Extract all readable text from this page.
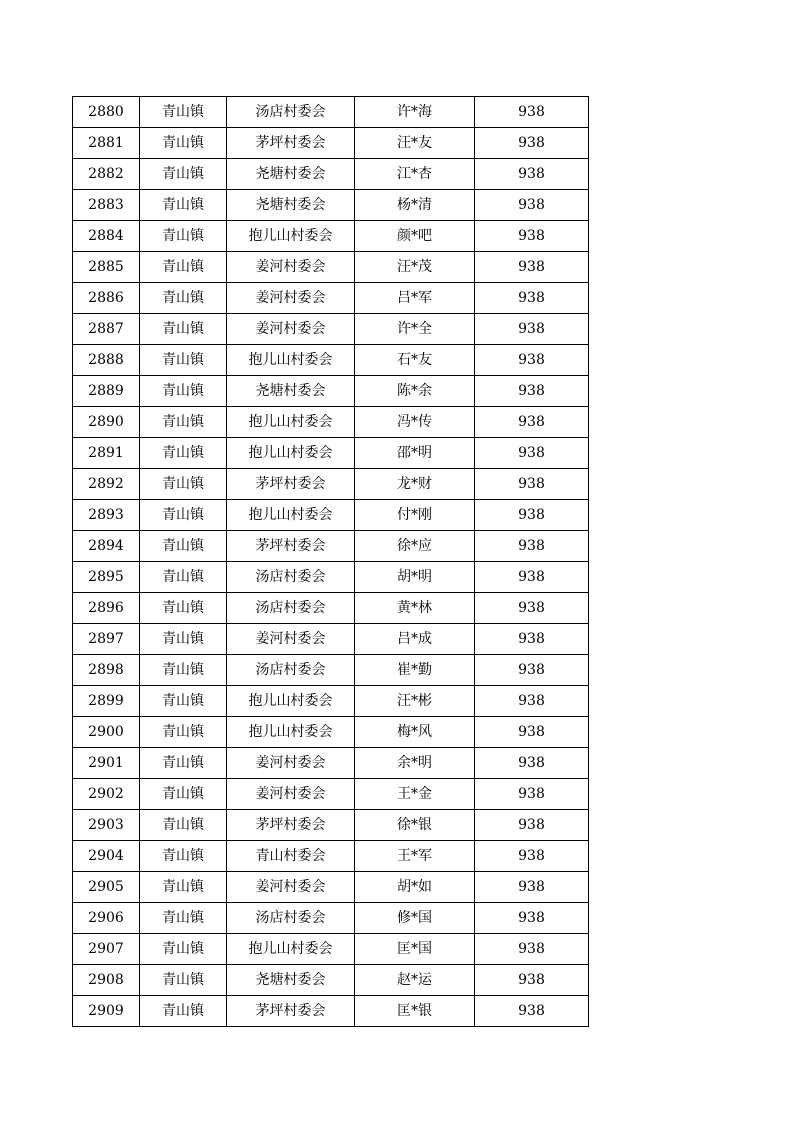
2880	青山镇	汤店村委会	许*海	938
2881	青山镇	茅坪村委会	汪*友	938
2882	青山镇	尧塘村委会	江*杏	938
2883	青山镇	尧塘村委会	杨*清	938
2884	青山镇	抱儿山村委会	颜*吧	938
2885	青山镇	姜河村委会	汪*茂	938
2886	青山镇	姜河村委会	吕*军	938
2887	青山镇	姜河村委会	许*全	938
2888	青山镇	抱儿山村委会	石*友	938
2889	青山镇	尧塘村委会	陈*余	938
2890	青山镇	抱儿山村委会	冯*传	938
2891	青山镇	抱儿山村委会	邵*明	938
2892	青山镇	茅坪村委会	龙*财	938
2893	青山镇	抱儿山村委会	付*刚	938
2894	青山镇	茅坪村委会	徐*应	938
2895	青山镇	汤店村委会	胡*明	938
2896	青山镇	汤店村委会	黄*林	938
2897	青山镇	姜河村委会	吕*成	938
2898	青山镇	汤店村委会	崔*勤	938
2899	青山镇	抱儿山村委会	汪*彬	938
2900	青山镇	抱儿山村委会	梅*风	938
2901	青山镇	姜河村委会	余*明	938
2902	青山镇	姜河村委会	王*金	938
2903	青山镇	茅坪村委会	徐*银	938
2904	青山镇	青山村委会	王*军	938
2905	青山镇	姜河村委会	胡*如	938
2906	青山镇	汤店村委会	修*国	938
2907	青山镇	抱儿山村委会	匡*国	938
2908	青山镇	尧塘村委会	赵*运	938
2909	青山镇	茅坪村委会	匡*银	938
